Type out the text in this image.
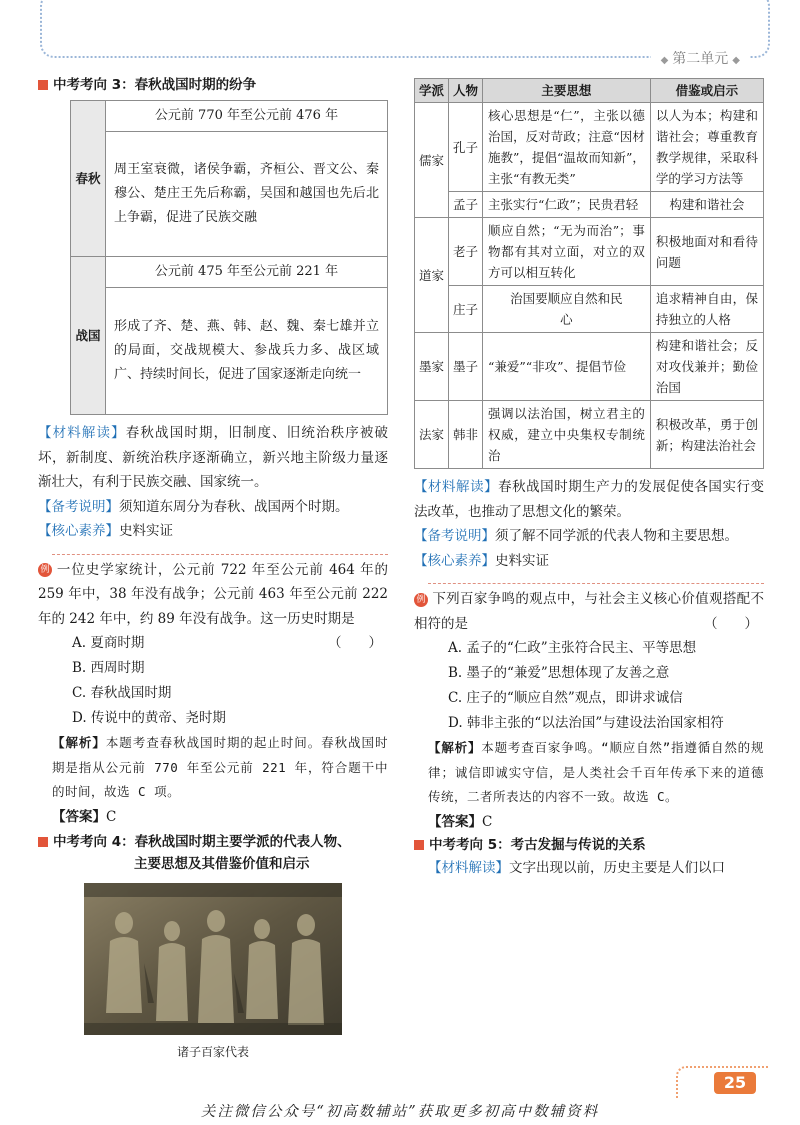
◆ 第二单元 ◆
中考考向 3：春秋战国时期的纷争
春秋	公元前 770 年至公元前 476 年
	周王室衰微，诸侯争霸，齐桓公、晋文公、秦穆公、楚庄王先后称霸，吴国和越国也先后北上争霸，促进了民族交融
战国	公元前 475 年至公元前 221 年
	形成了齐、楚、燕、韩、赵、魏、秦七雄并立的局面，交战规模大、参战兵力多、战区域广、持续时间长，促进了国家逐渐走向统一

【材料解读】春秋战国时期，旧制度、旧统治秩序被破坏，新制度、新统治秩序逐渐确立，新兴地主阶级力量逐渐壮大，有利于民族交融、国家统一。

【备考说明】须知道东周分为春秋、战国两个时期。

【核心素养】史料实证

例 一位史学家统计，公元前 722 年至公元前 464 年的 259 年中，38 年没有战争；公元前 463 年至公元前 222 年的 242 年中，约 89 年没有战争。这一历史时期是
（　　）

A. 夏商时期
B. 西周时期
C. 春秋战国时期
D. 传说中的黄帝、尧时期

【解析】本题考查春秋战国时期的起止时间。春秋战国时期是指从公元前 770 年至公元前 221 年，符合题干中的时间，故选 C 项。

【答案】C

中考考向 4：春秋战国时期主要学派的代表人物、
主要思想及其借鉴价值和启示
诸子百家代表
学派	人物	主要思想	借鉴或启示
儒家	孔子	核心思想是“仁”，主张以德治国，反对苛政；注意“因材施教”，提倡“温故而知新”，主张“有教无类”	以人为本；构建和谐社会；尊重教育教学规律，采取科学的学习方法等
	孟子	主张实行“仁政”；民贵君轻	构建和谐社会
道家	老子	顺应自然；“无为而治”；事物都有其对立面，对立的双方可以相互转化	积极地面对和看待问题
	庄子	治国要顺应自然和民心	追求精神自由，保持独立的人格
墨家	墨子	“兼爱”“非攻”、提倡节俭	构建和谐社会；反对攻伐兼并；勤俭治国
法家	韩非	强调以法治国，树立君主的权威，建立中央集权专制统治	积极改革，勇于创新；构建法治社会

【材料解读】春秋战国时期生产力的发展促使各国实行变法改革，也推动了思想文化的繁荣。

【备考说明】须了解不同学派的代表人物和主要思想。

【核心素养】史料实证

例 下列百家争鸣的观点中，与社会主义核心价值观搭配不相符的是	（　　）

A. 孟子的“仁政”主张符合民主、平等思想
B. 墨子的“兼爱”思想体现了友善之意
C. 庄子的“顺应自然”观点，即讲求诚信
D. 韩非主张的“以法治国”与建设法治国家相符

【解析】本题考查百家争鸣。“顺应自然”指遵循自然的规律；诚信即诚实守信，是人类社会千百年传承下来的道德传统，二者所表达的内容不一致。故选 C。

【答案】C

中考考向 5：考古发掘与传说的关系

【材料解读】文字出现以前，历史主要是人们以口

25
关注微信公众号“初高数辅站”获取更多初高中数辅资料
